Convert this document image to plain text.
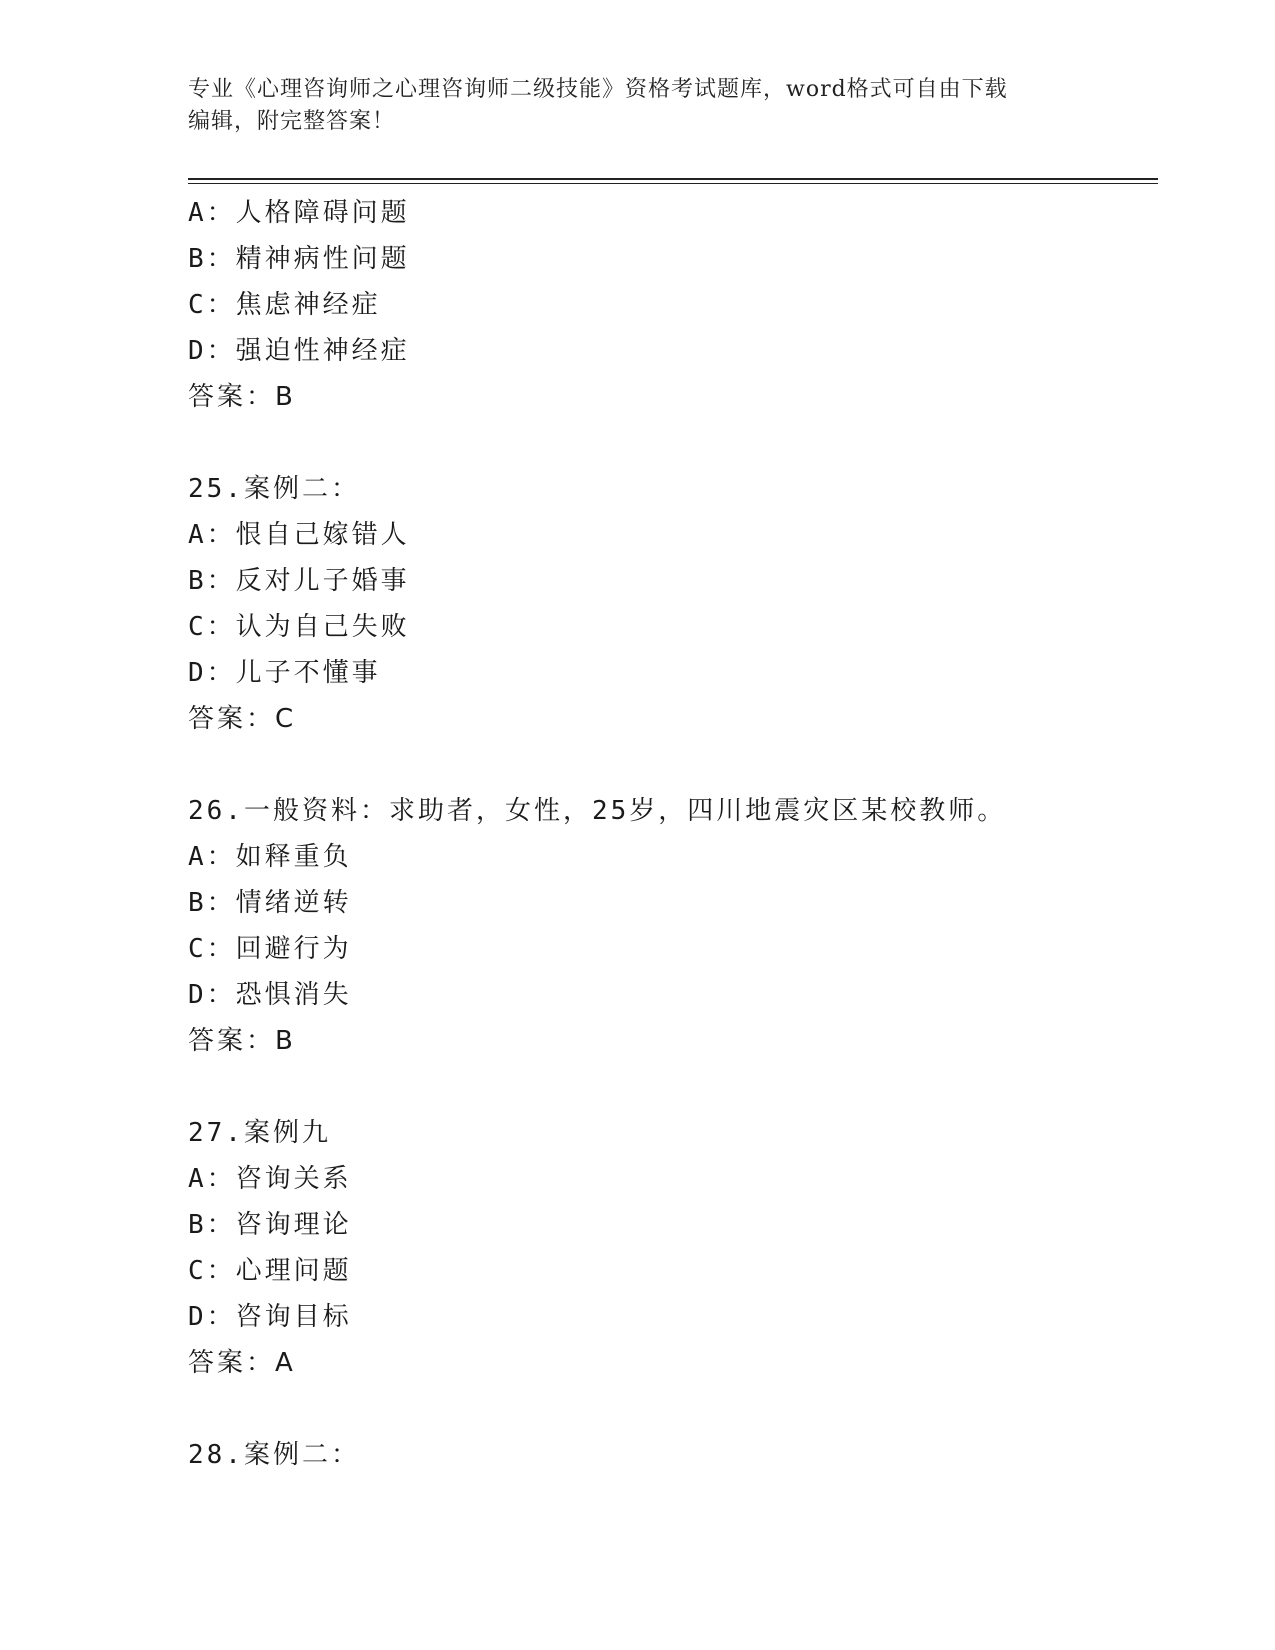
专业《心理咨询师之心理咨询师二级技能》资格考试题库，word格式可自由下载
编辑，附完整答案！
A：人格障碍问题
B：精神病性问题
C：焦虑神经症
D：强迫性神经症
答案：B
25.案例二：
A：恨自己嫁错人
B：反对儿子婚事
C：认为自己失败
D：儿子不懂事
答案：C
26.一般资料：求助者，女性，25岁，四川地震灾区某校教师。
A：如释重负
B：情绪逆转
C：回避行为
D：恐惧消失
答案：B
27.案例九
A：咨询关系
B：咨询理论
C：心理问题
D：咨询目标
答案：A
28.案例二：
